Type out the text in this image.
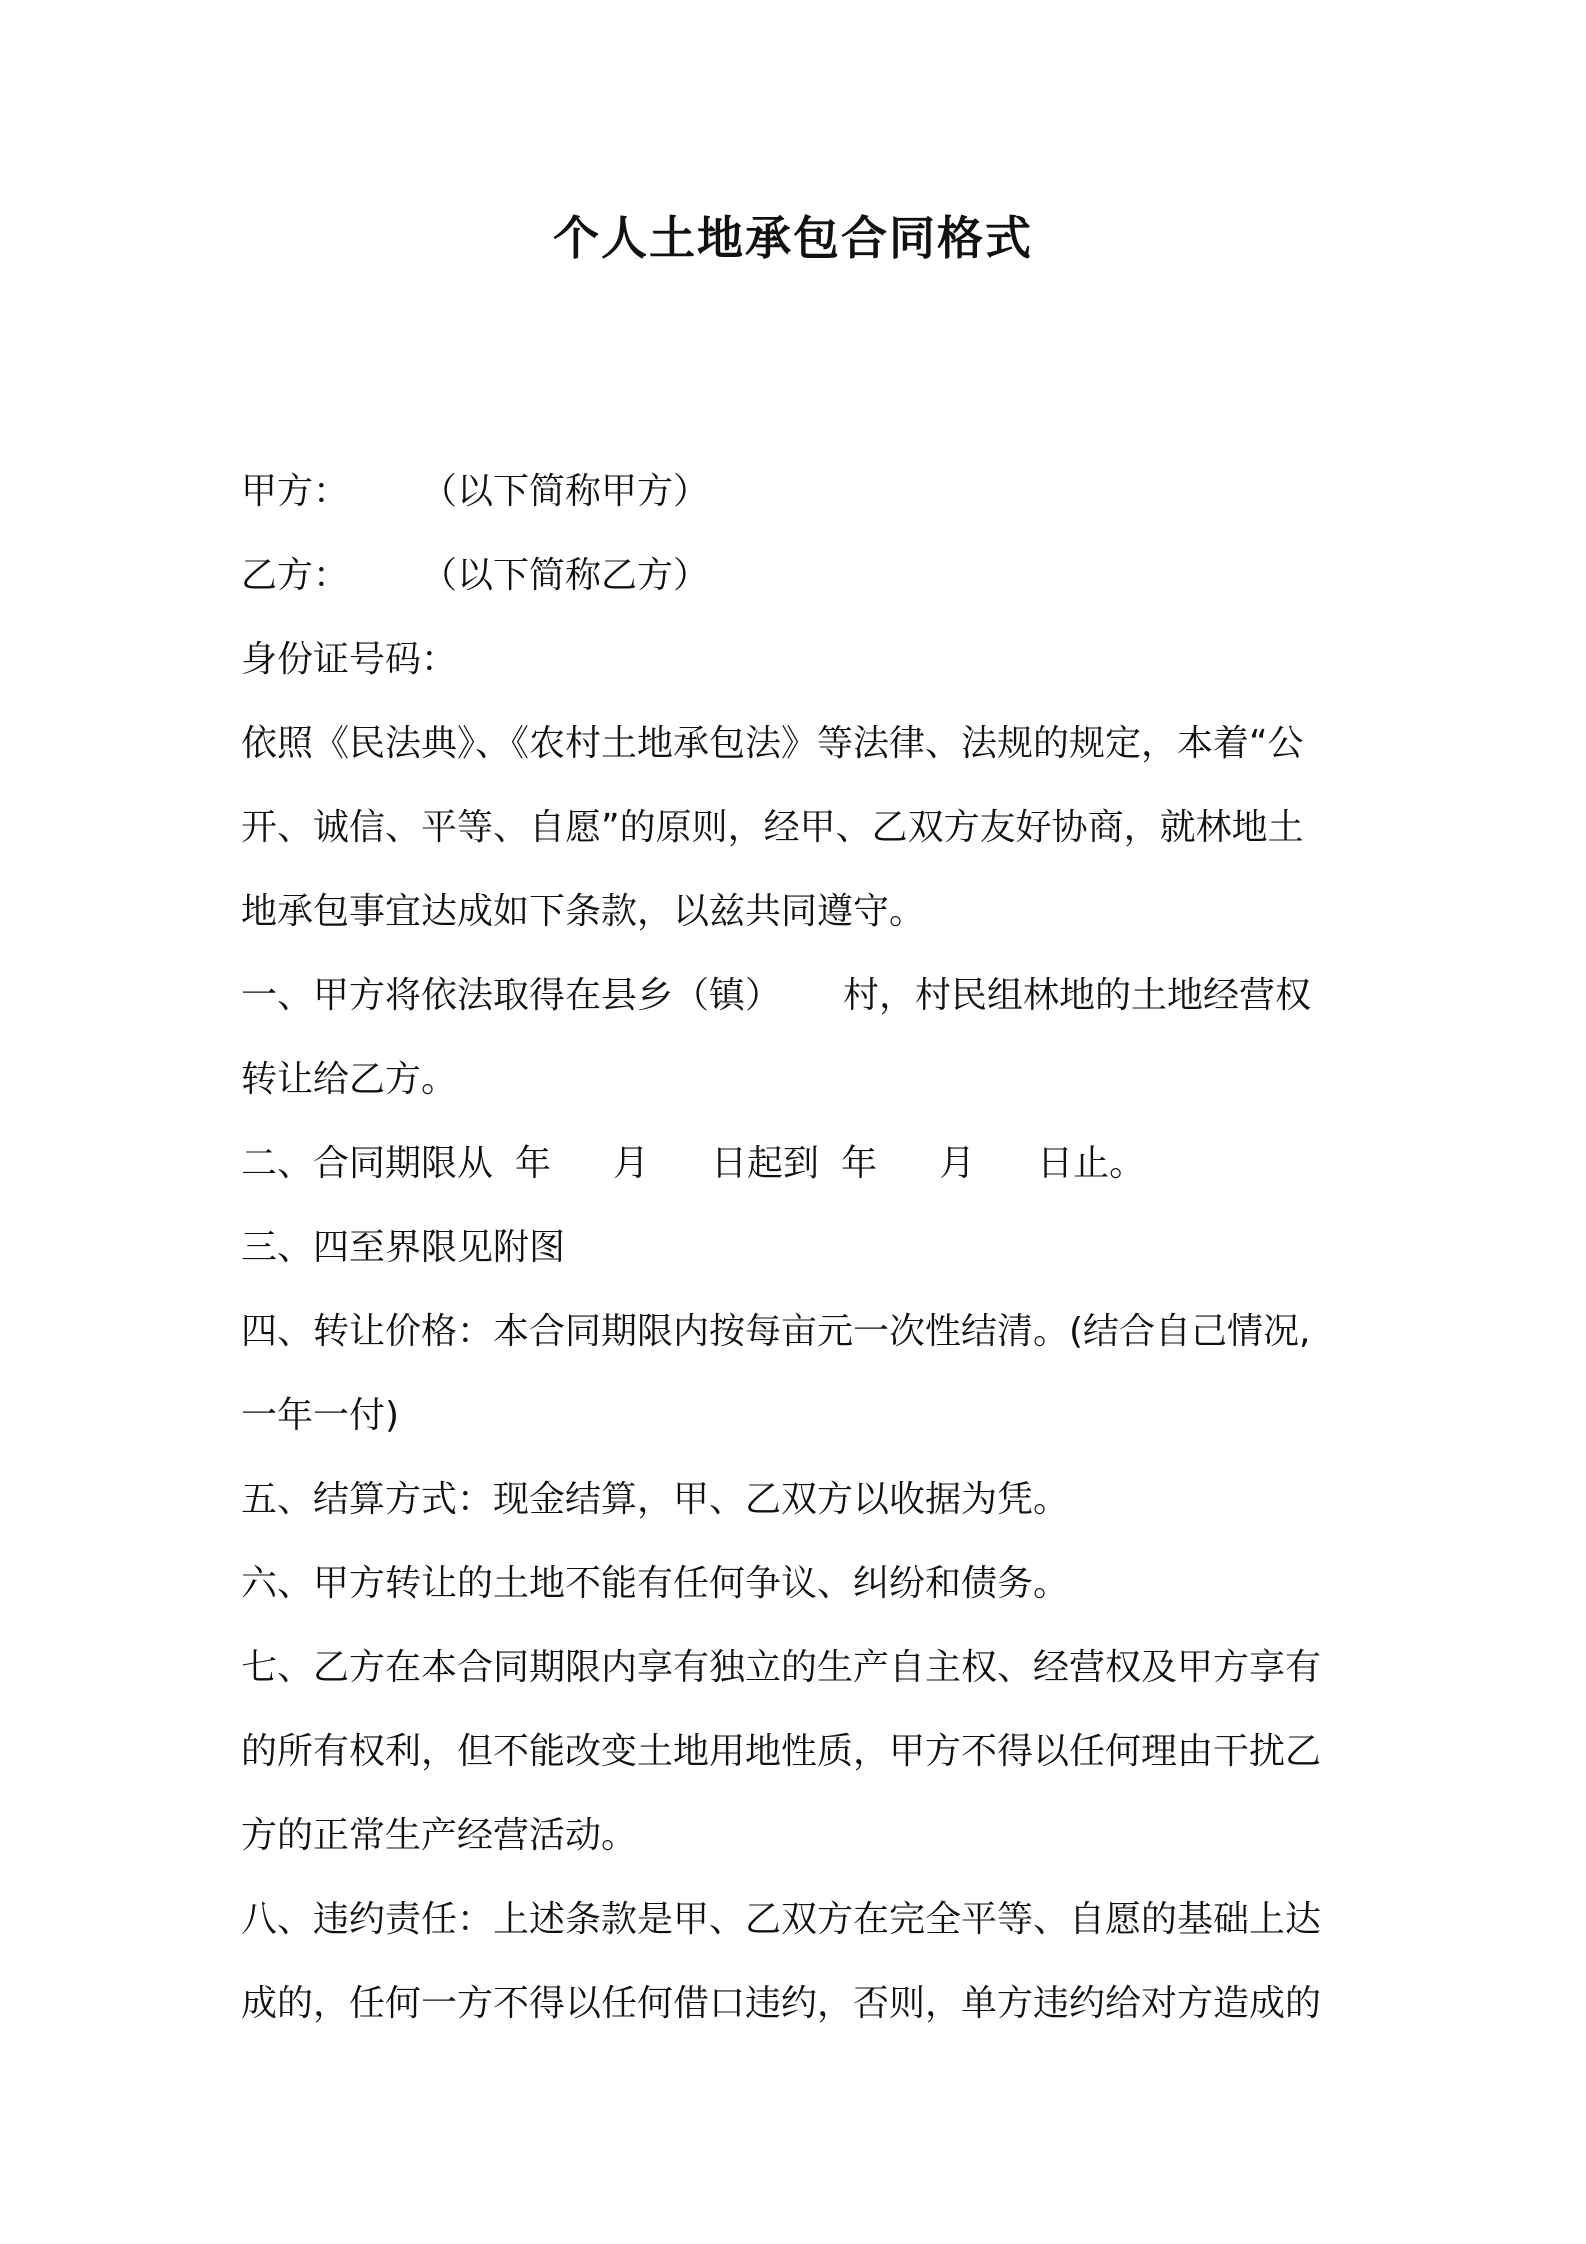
个人土地承包合同格式
甲方： （以下简称甲方）
乙方： （以下简称乙方）
身份证号码：
依照《民法典》、《农村土地承包法》等法律、法规的规定，本着“公
开、诚信、平等、自愿”的原则，经甲、乙双方友好协商，就林地土
地承包事宜达成如下条款，以兹共同遵守。
一、甲方将依法取得在县乡（镇） 村，村民组林地的土地经营权
转让给乙方。
二、合同期限从 年 月 日起到 年 月 日止。
三、四至界限见附图
四、转让价格：本合同期限内按每亩元一次性结清。(结合自己情况,
一年一付)
五、结算方式：现金结算，甲、乙双方以收据为凭。
六、甲方转让的土地不能有任何争议、纠纷和债务。
七、乙方在本合同期限内享有独立的生产自主权、经营权及甲方享有
的所有权利，但不能改变土地用地性质，甲方不得以任何理由干扰乙
方的正常生产经营活动。
八、违约责任：上述条款是甲、乙双方在完全平等、自愿的基础上达
成的，任何一方不得以任何借口违约，否则，单方违约给对方造成的
